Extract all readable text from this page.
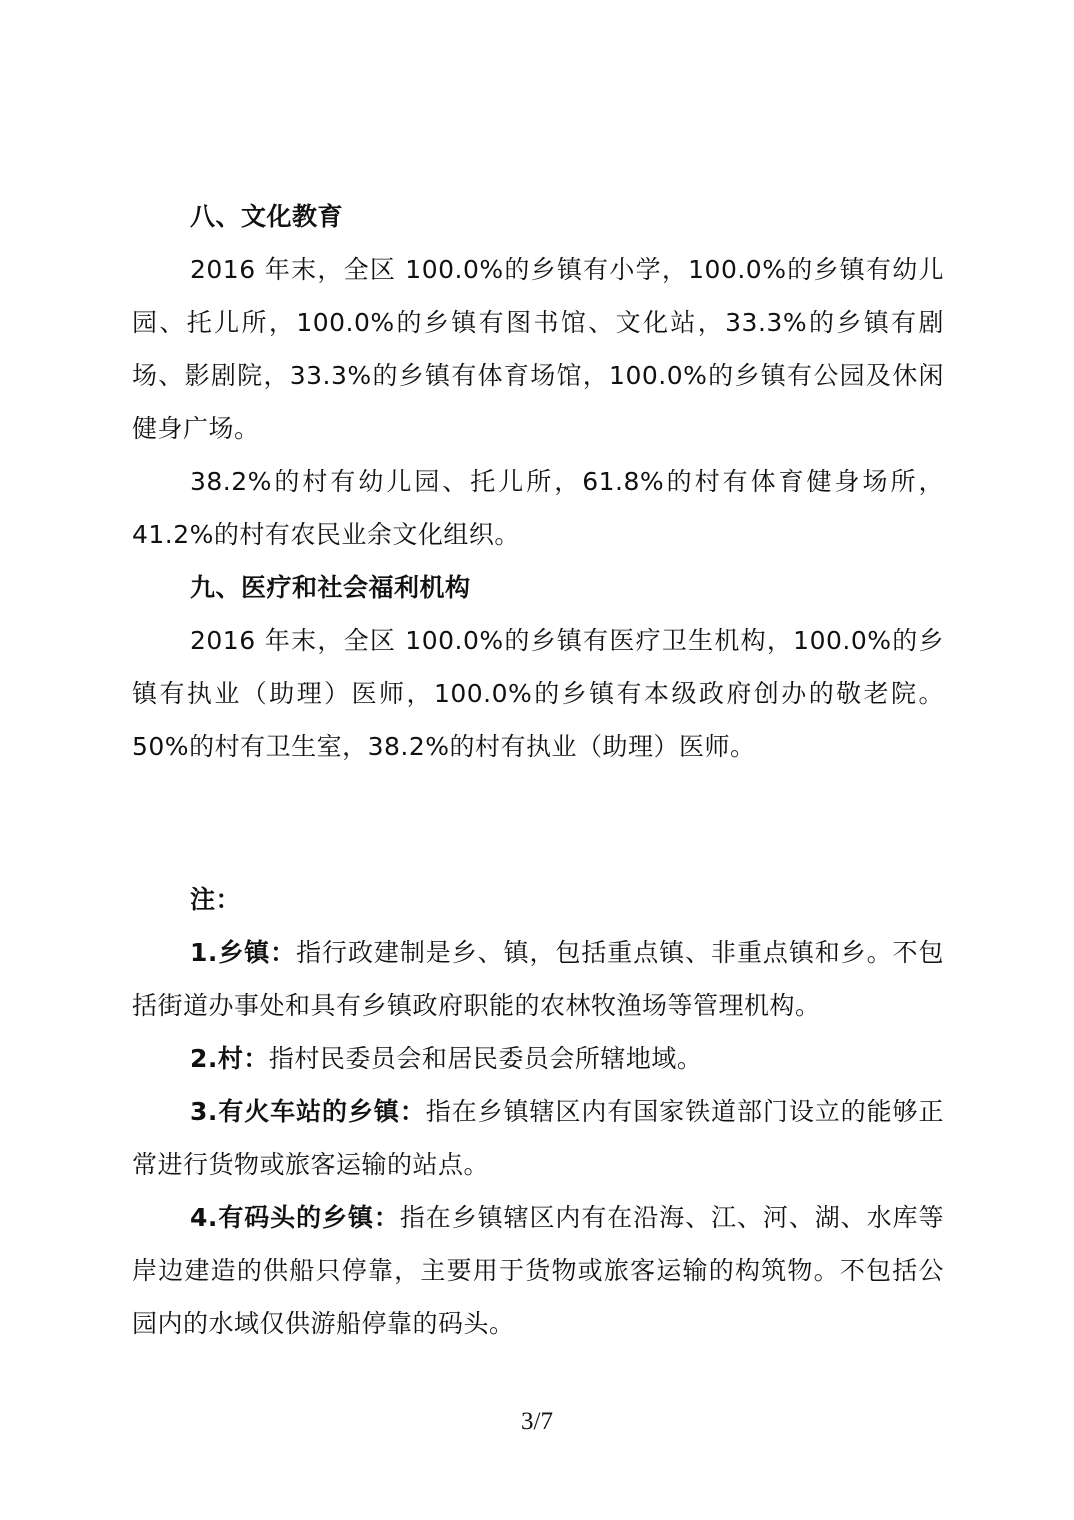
八、文化教育

2016 年末，全区 100.0%的乡镇有小学，100.0%的乡镇有幼儿园、托儿所，100.0%的乡镇有图书馆、文化站，33.3%的乡镇有剧场、影剧院，33.3%的乡镇有体育场馆，100.0%的乡镇有公园及休闲健身广场。

38.2%的村有幼儿园、托儿所，61.8%的村有体育健身场所，41.2%的村有农民业余文化组织。

九、医疗和社会福利机构

2016 年末，全区 100.0%的乡镇有医疗卫生机构，100.0%的乡镇有执业（助理）医师，100.0%的乡镇有本级政府创办的敬老院。50%的村有卫生室，38.2%的村有执业（助理）医师。

注：

1.乡镇：指行政建制是乡、镇，包括重点镇、非重点镇和乡。不包括街道办事处和具有乡镇政府职能的农林牧渔场等管理机构。

2.村：指村民委员会和居民委员会所辖地域。

3.有火车站的乡镇：指在乡镇辖区内有国家铁道部门设立的能够正常进行货物或旅客运输的站点。

4.有码头的乡镇：指在乡镇辖区内有在沿海、江、河、湖、水库等岸边建造的供船只停靠，主要用于货物或旅客运输的构筑物。不包括公园内的水域仅供游船停靠的码头。

3/7
